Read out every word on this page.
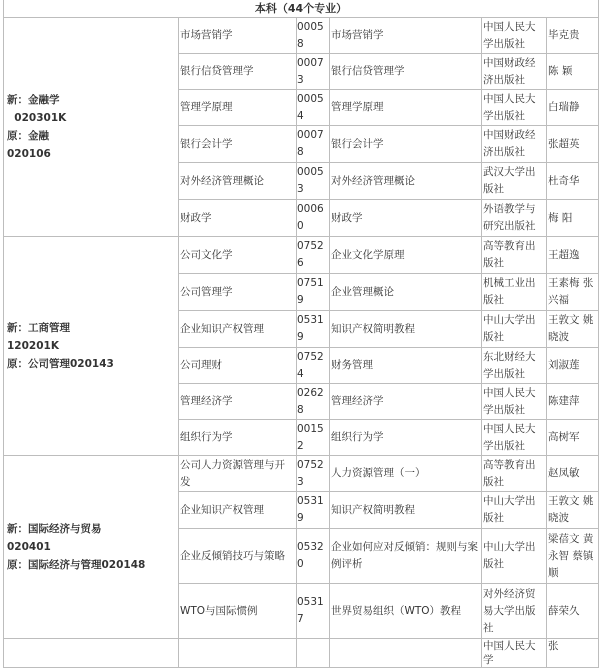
本科（44个专业）					

新：金融学
020301K
原：金融
020106	市场营销学	00058	市场营销学	中国人民大学出版社	毕克贵
	银行信贷管理学	00073	银行信贷管理学	中国财政经济出版社	陈 颖
	管理学原理	00054	管理学原理	中国人民大学出版社	白瑞静
	银行会计学	00078	银行会计学	中国财政经济出版社	张超英
	对外经济管理概论	00053	对外经济管理概论	武汉大学出版社	杜奇华
	财政学	00060	财政学	外语教学与研究出版社	梅 阳

新：工商管理
120201K
原：公司管理020143	公司文化学	07526	企业文化学原理	高等教育出版社	王超逸
	公司管理学	07519	企业管理概论	机械工业出版社	王素梅 张兴福
	企业知识产权管理	05319	知识产权简明教程	中山大学出版社	王敦文 姚晓波
	公司理财	07524	财务管理	东北财经大学出版社	刘淑莲
	管理经济学	02628	管理经济学	中国人民大学出版社	陈建萍
	组织行为学	00152	组织行为学	中国人民大学出版社	高树军

新：国际经济与贸易
020401
原：国际经济与管理020148	公司人力资源管理与开发	07523	人力资源管理（一）	高等教育出版社	赵凤敏
	企业知识产权管理	05319	知识产权简明教程	中山大学出版社	王敦文 姚晓波
	企业反倾销技巧与策略	05320	企业如何应对反倾销：规则与案例评析	中山大学出版社	梁蓓文 黄永智 蔡镇顺
	WTO与国际惯例	05317	世界贸易组织（WTO）教程	对外经济贸易大学出版社	薛荣久
				中国人民大学	张
